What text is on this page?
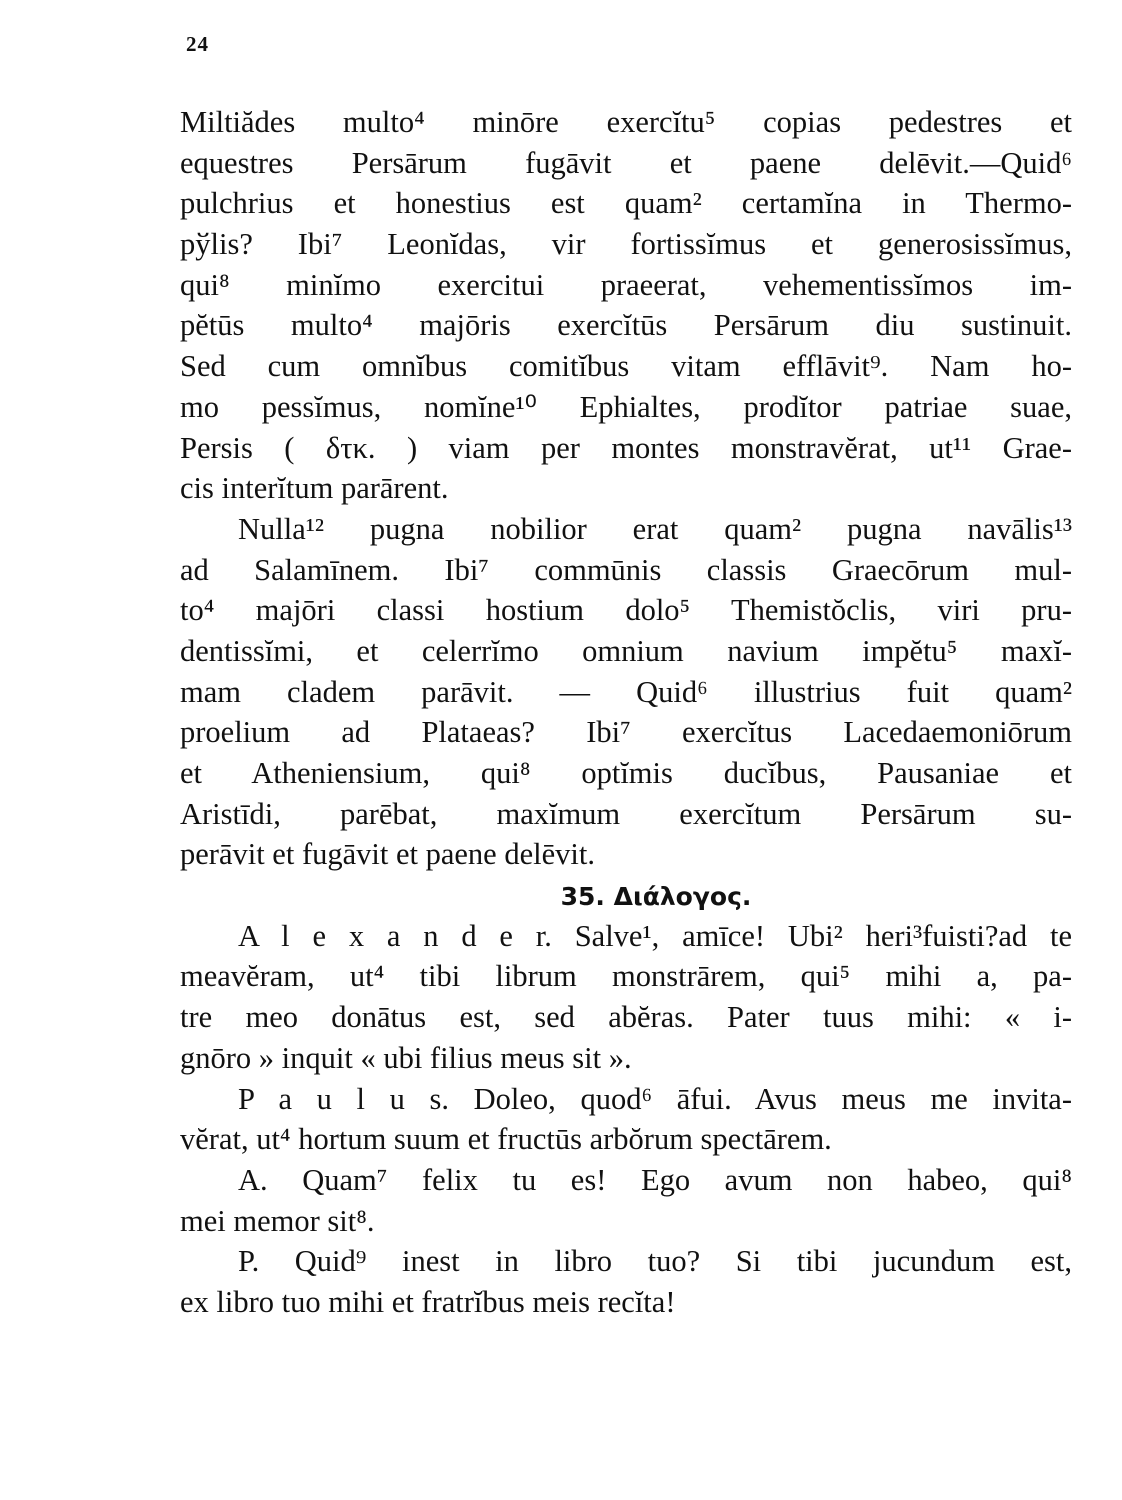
24
Miltiădes multo⁴ minōre exercĭtu⁵ copias pedestres et
equestres Persārum fugāvit et paene delēvit.—Quid⁶
pulchrius et honestius est quam² certamĭna in Thermo-
pўlis? Ibi⁷ Leonĭdas, vir fortissĭmus et generosissĭmus,
qui⁸ minĭmo exercitui praeerat, vehementissĭmos im-
pĕtūs multo⁴ majōris exercĭtūs Persārum diu sustinuit.
Sed cum omnĭbus comitĭbus vitam efflāvit⁹. Nam ho-
mo pessĭmus, nomĭne¹⁰ Ephialtes, prodĭtor patriae suae,
Persis ( δτκ. ) viam per montes monstravĕrat, ut¹¹ Grae-
cis interĭtum parārent.
Nulla¹² pugna nobilior erat quam² pugna navālis¹³
ad Salamīnem. Ibi⁷ commūnis classis Graecōrum mul-
to⁴ majōri classi hostium dolo⁵ Themistŏclis, viri pru-
dentissĭmi, et celerrĭmo omnium navium impĕtu⁵ maxĭ-
mam cladem parāvit. — Quid⁶ illustrius fuit quam²
proelium ad Plataeas? Ibi⁷ exercĭtus Lacedaemoniōrum
et Atheniensium, qui⁸ optĭmis ducĭbus, Pausaniae et
Aristīdi, parēbat, maxĭmum exercĭtum Persārum su-
perāvit et fugāvit et paene delēvit.
35. Διάλογος.
A l e x a n d e r. Salve¹, amīce! Ubi² heri³fuisti?ad te
meavĕram, ut⁴ tibi librum monstrārem, qui⁵ mihi a, pa-
tre meo donātus est, sed abĕras. Pater tuus mihi: « i-
gnōro » inquit « ubi filius meus sit ».
P a u l u s. Doleo, quod⁶ āfui. Avus meus me invita-
vĕrat, ut⁴ hortum suum et fructūs arbŏrum spectārem.
A. Quam⁷ felix tu es! Ego avum non habeo, qui⁸
mei memor sit⁸.
P. Quid⁹ inest in libro tuo? Si tibi jucundum est,
ex libro tuo mihi et fratrĭbus meis recĭta!
